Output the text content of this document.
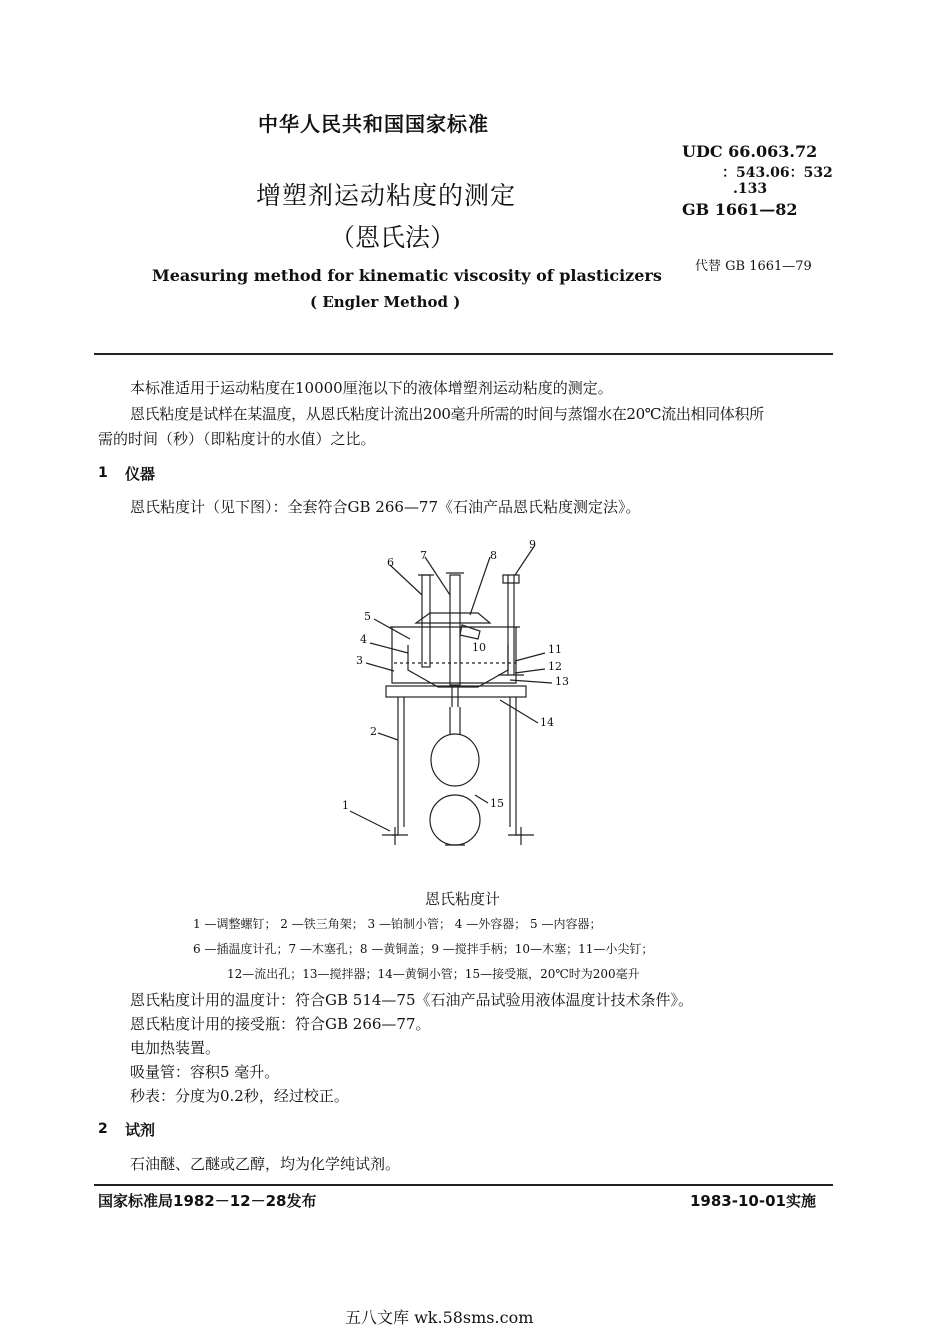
中华人民共和国国家标准
增塑剂运动粘度的测定
（恩氏法）
Measuring method for kinematic viscosity of plasticizers
( Engler Method )
UDC 66.063.72
：543.06：532
.133
GB 1661—82
代替 GB 1661—79
本标准适用于运动粘度在10000厘沲以下的液体增塑剂运动粘度的测定。
恩氏粘度是试样在某温度，从恩氏粘度计流出200毫升所需的时间与蒸馏水在20℃流出相同体积所
需的时间（秒）（即粘度计的水值）之比。
1 仪器
恩氏粘度计（见下图）：全套符合GB 266—77《石油产品恩氏粘度测定法》。
1
2
3
4
5
6
7	8
9
10	11
12
13
14
15
恩氏粘度计
1 —调整螺钉； 2 —铁三角架； 3 —铂制小管； 4 —外容器； 5 —内容器；
6 —插温度计孔；7 —木塞孔；8 —黄铜盖；9 —搅拌手柄；10—木塞；11—小尖钉；
12—流出孔；13—搅拌器；14—黄铜小管；15—接受瓶，20℃时为200毫升
恩氏粘度计用的温度计：符合GB 514—75《石油产品试验用液体温度计技术条件》。
恩氏粘度计用的接受瓶：符合GB 266—77。
电加热装置。
吸量管：容积5 毫升。
秒表：分度为0.2秒，经过校正。
2 试剂
石油醚、乙醚或乙醇，均为化学纯试剂。
国家标准局1982－12－28发布	1983-10-01实施
五八文库 wk.58sms.com
